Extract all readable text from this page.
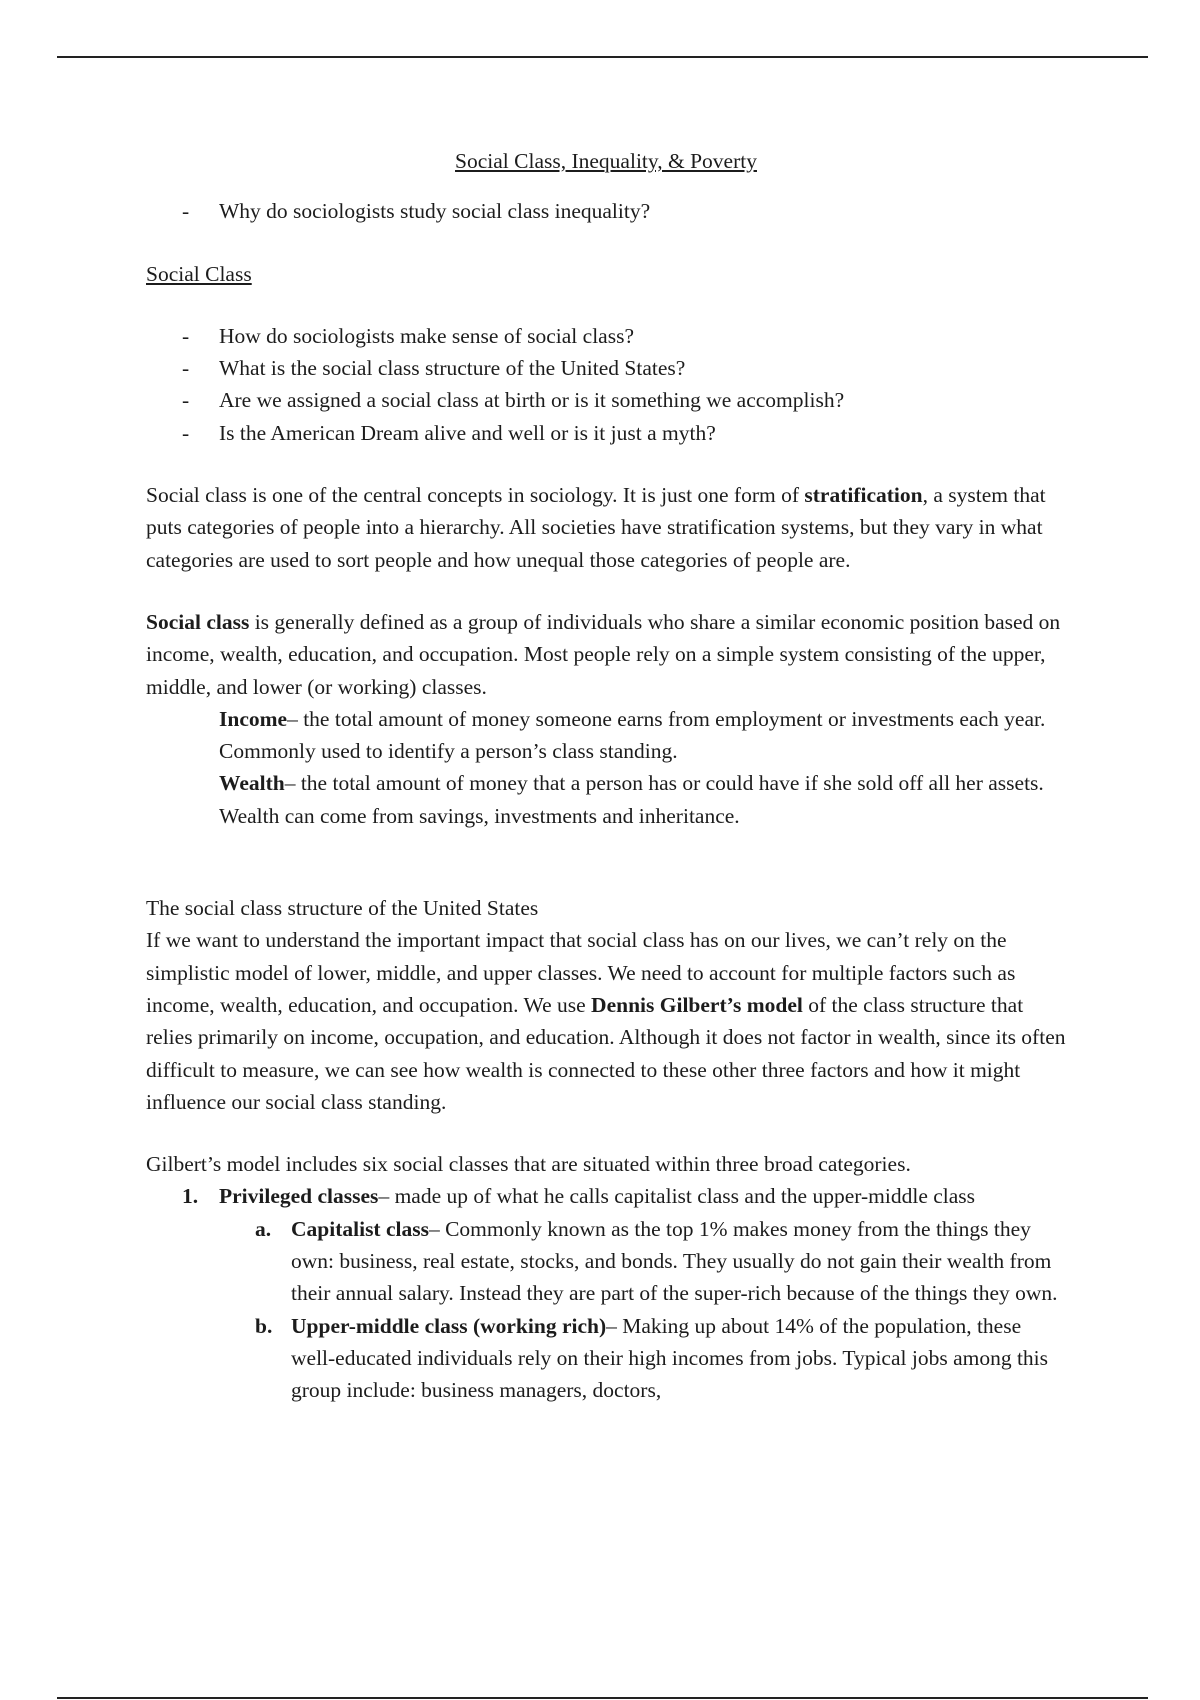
Social Class, Inequality, & Poverty
- Why do sociologists study social class inequality?
Social Class
- How do sociologists make sense of social class?
- What is the social class structure of the United States?
- Are we assigned a social class at birth or is it something we accomplish?
- Is the American Dream alive and well or is it just a myth?

Social class is one of the central concepts in sociology. It is just one form of stratification, a system that puts categories of people into a hierarchy. All societies have stratification systems, but they vary in what categories are used to sort people and how unequal those categories of people are.

Social class is generally defined as a group of individuals who share a similar economic position based on income, wealth, education, and occupation. Most people rely on a simple system consisting of the upper, middle, and lower (or working) classes.

Income– the total amount of money someone earns from employment or investments each year. Commonly used to identify a person’s class standing.

Wealth– the total amount of money that a person has or could have if she sold off all her assets. Wealth can come from savings, investments and inheritance.

The social class structure of the United States

If we want to understand the important impact that social class has on our lives, we can’t rely on the simplistic model of lower, middle, and upper classes. We need to account for multiple factors such as income, wealth, education, and occupation. We use Dennis Gilbert’s model of the class structure that relies primarily on income, occupation, and education. Although it does not factor in wealth, since its often difficult to measure, we can see how wealth is connected to these other three factors and how it might influence our social class standing.

Gilbert’s model includes six social classes that are situated within three broad categories.

1. Privileged classes– made up of what he calls capitalist class and the upper-middle class
a. Capitalist class– Commonly known as the top 1% makes money from the things they own: business, real estate, stocks, and bonds. They usually do not gain their wealth from their annual salary. Instead they are part of the super-rich because of the things they own.
b. Upper-middle class (working rich)– Making up about 14% of the population, these well-educated individuals rely on their high incomes from jobs. Typical jobs among this group include: business managers, doctors,
